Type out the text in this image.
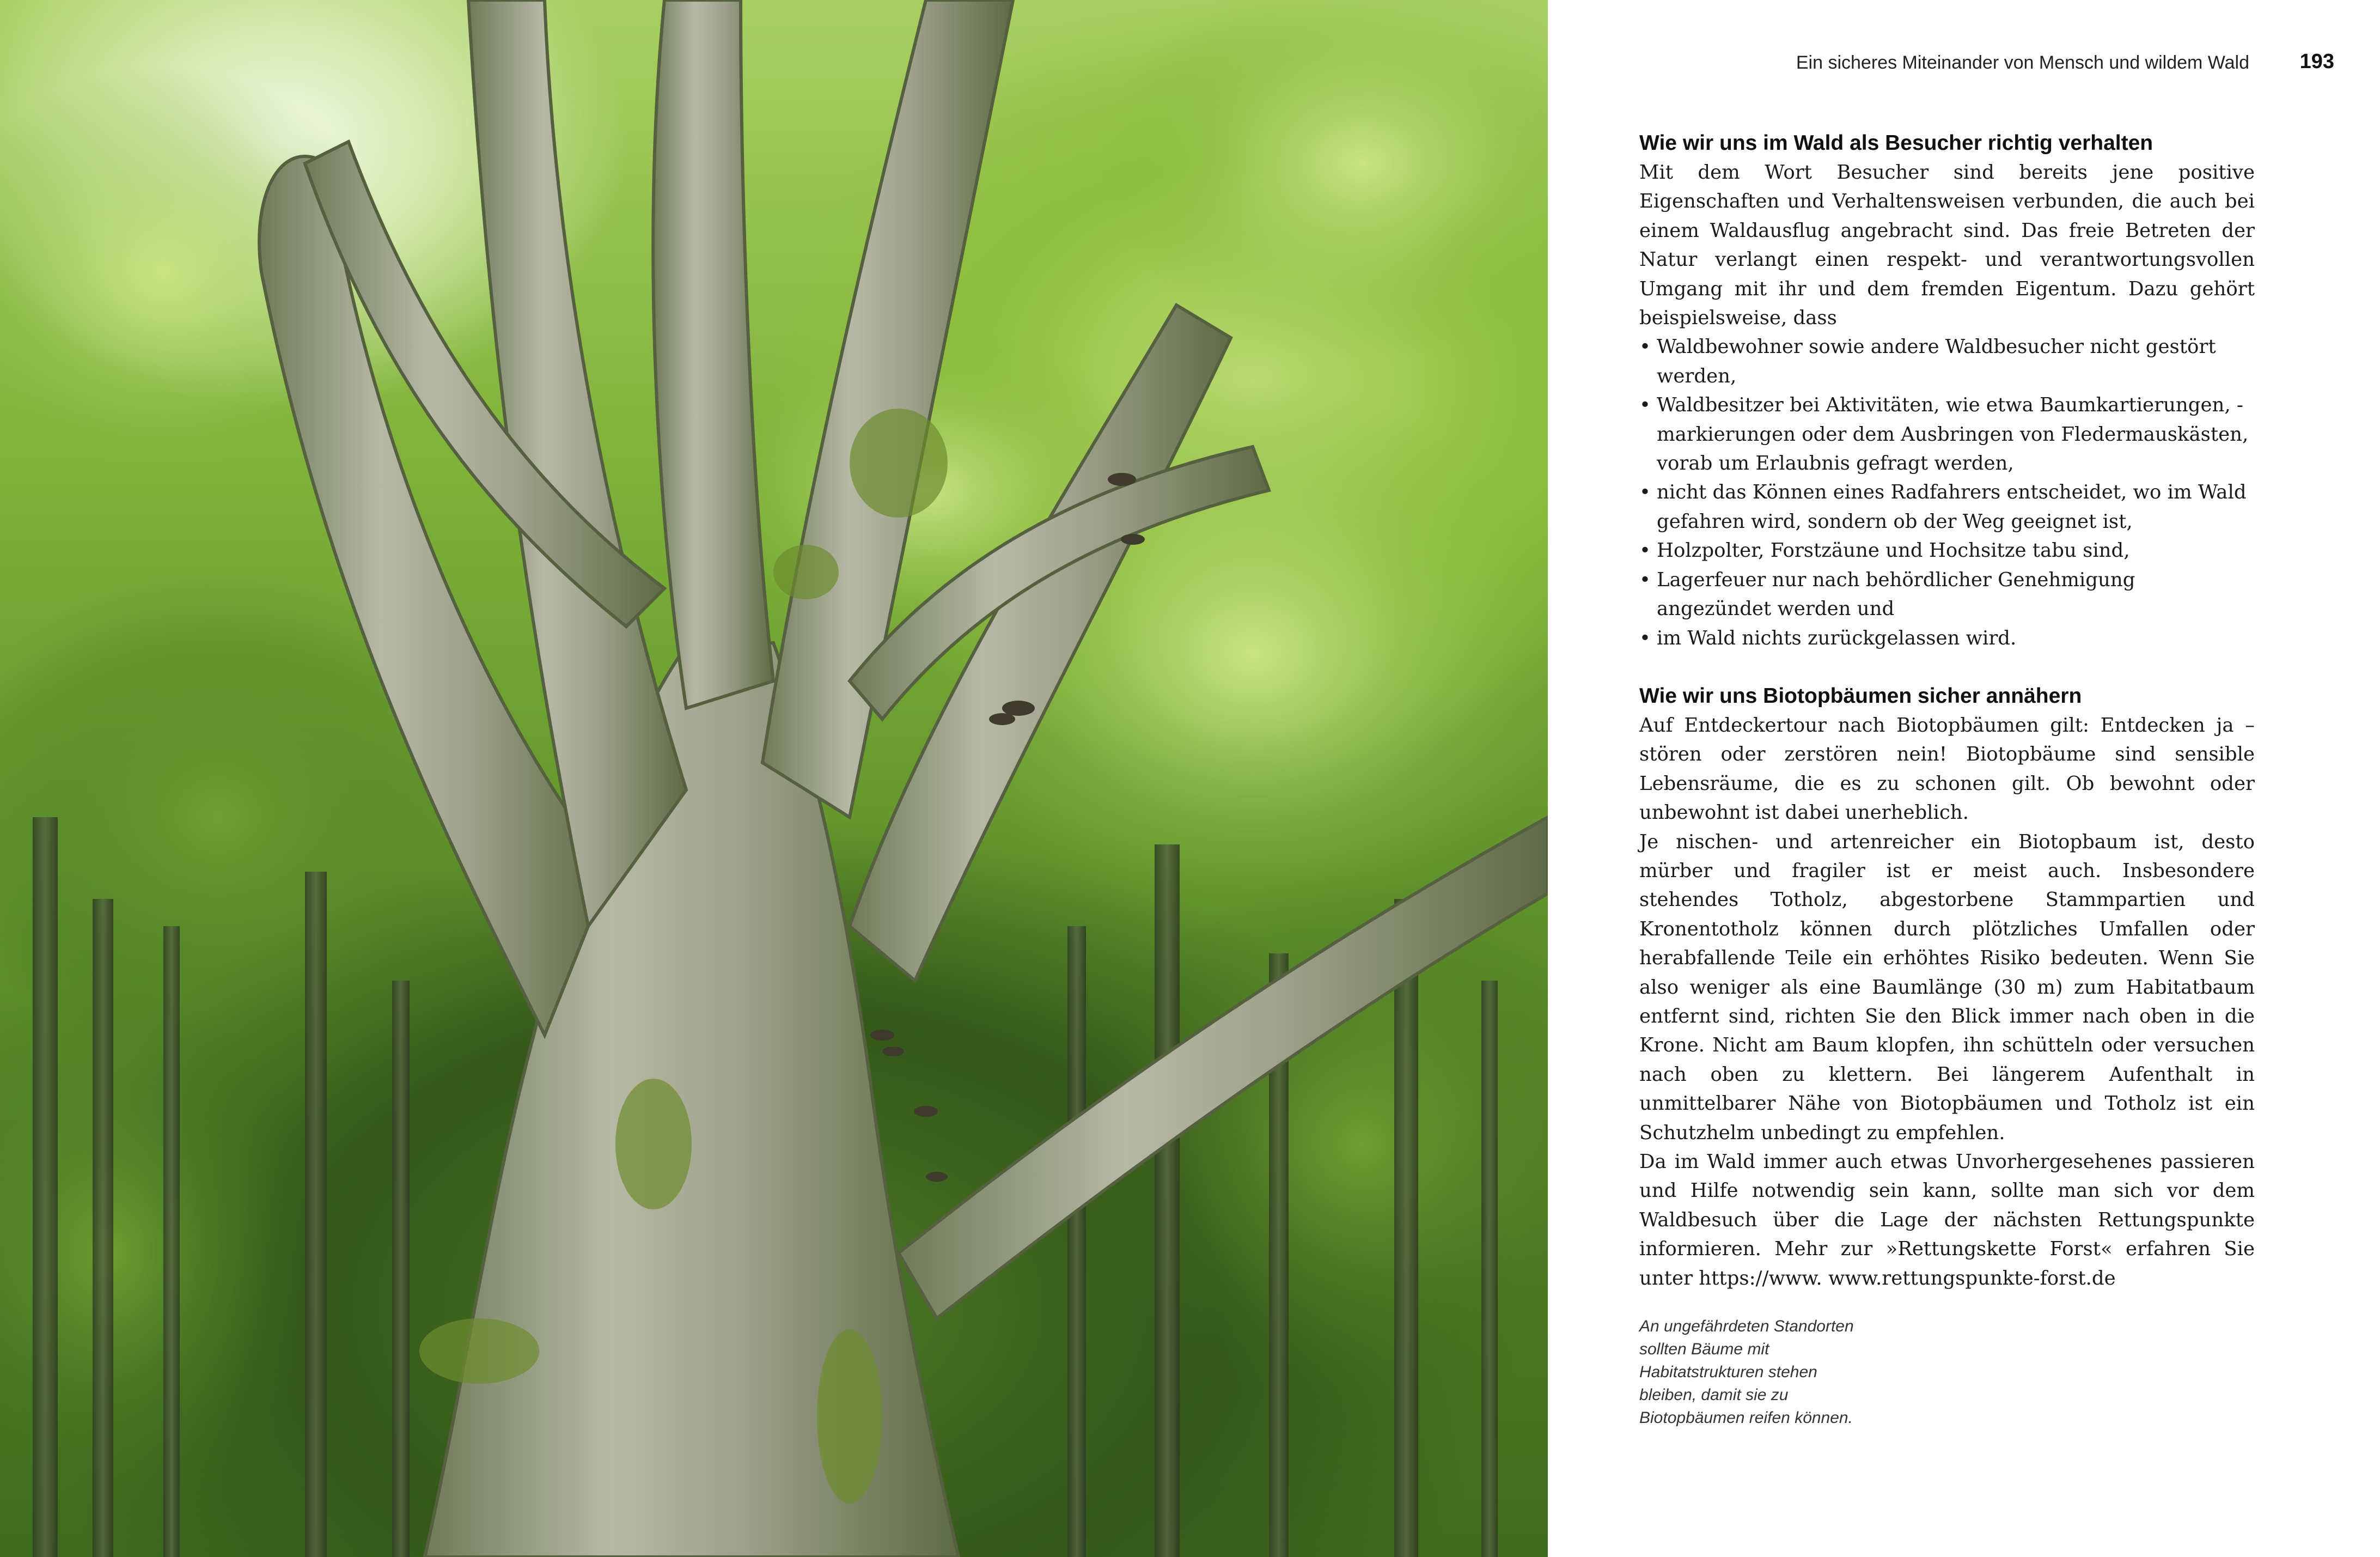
Ein sicheres Miteinander von Mensch und wildem Wald 193
Wie wir uns im Wald als Besucher richtig verhalten

Mit dem Wort Besucher sind bereits jene positive Eigenschaften und Verhaltensweisen verbunden, die auch bei einem Waldausflug angebracht sind. Das freie Betreten der Natur verlangt einen respekt- und verantwortungsvollen Umgang mit ihr und dem fremden Eigentum. Dazu gehört beispielsweise, dass

• Waldbewohner sowie andere Waldbesucher nicht gestört werden,
• Waldbesitzer bei Aktivitäten, wie etwa Baumkartierungen, -markierungen oder dem Ausbringen von Fledermauskästen, vorab um Erlaubnis gefragt werden,
• nicht das Können eines Radfahrers entscheidet, wo im Wald gefahren wird, sondern ob der Weg geeignet ist,
• Holzpolter, Forstzäune und Hochsitze tabu sind,
• Lagerfeuer nur nach behördlicher Genehmigung angezündet werden und
• im Wald nichts zurückgelassen wird.
Wie wir uns Biotopbäumen sicher annähern

Auf Entdeckertour nach Biotopbäumen gilt: Entdecken ja – stören oder zerstören nein! Biotopbäume sind sensible Lebensräume, die es zu schonen gilt. Ob bewohnt oder unbewohnt ist dabei unerheblich.

Je nischen- und artenreicher ein Biotopbaum ist, desto mürber und fragiler ist er meist auch. Insbesondere stehendes Totholz, abgestorbene Stammpartien und Kronentotholz können durch plötzliches Umfallen oder herabfallende Teile ein erhöhtes Risiko bedeuten. Wenn Sie also weniger als eine Baumlänge (30 m) zum Habitatbaum entfernt sind, richten Sie den Blick immer nach oben in die Krone. Nicht am Baum klopfen, ihn schütteln oder versuchen nach oben zu klettern. Bei längerem Aufenthalt in unmittelbarer Nähe von Biotopbäumen und Totholz ist ein Schutzhelm unbedingt zu empfehlen.

Da im Wald immer auch etwas Unvorhergesehenes passieren und Hilfe notwendig sein kann, sollte man sich vor dem Waldbesuch über die Lage der nächsten Rettungspunkte informieren. Mehr zur »Rettungskette Forst« erfahren Sie unter https://www. www.rettungspunkte-forst.de

An ungefährdeten Standorten sollten Bäume mit Habitatstrukturen stehen bleiben, damit sie zu Biotopbäumen reifen können.
